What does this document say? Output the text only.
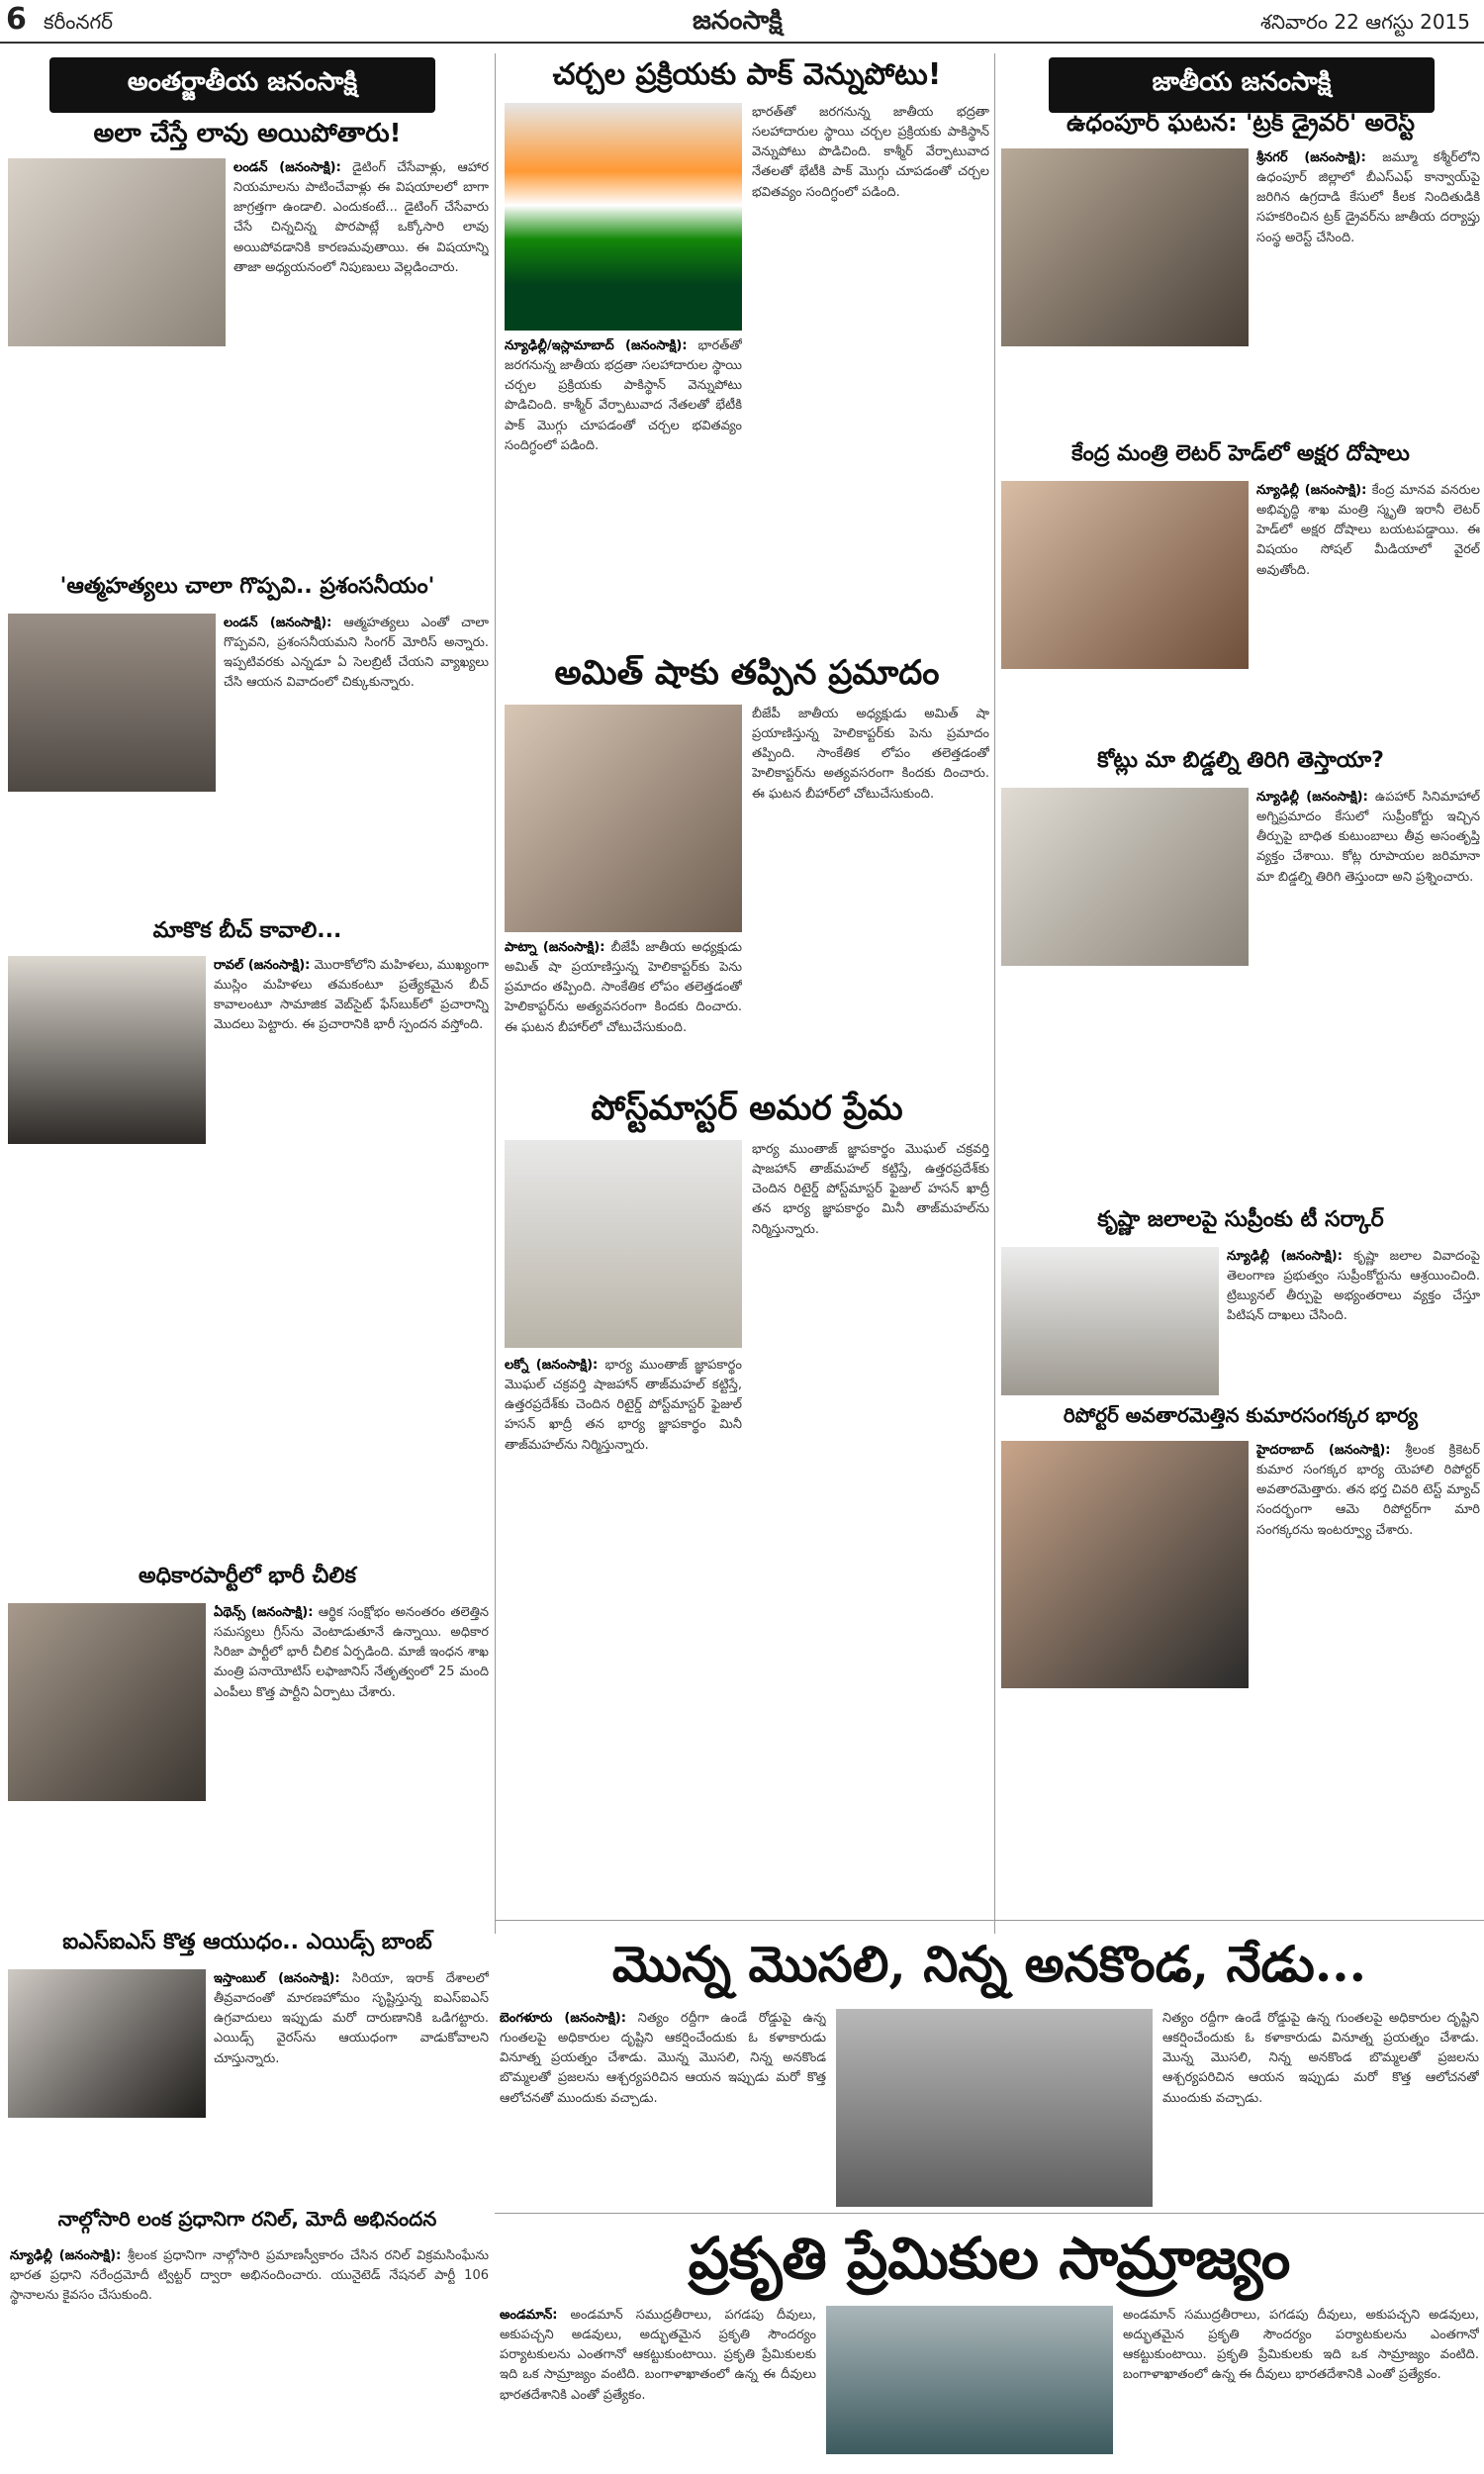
6 కరీంనగర్	జనంసాక్షి	శనివారం 22 ఆగస్టు 2015
అంతర్జాతీయ జనంసాక్షి
అలా చేస్తే లావు అయిపోతారు!
లండన్ (జనంసాక్షి): డైటింగ్ చేసేవాళ్లు, ఆహార నియమాలను పాటించేవాళ్లు ఈ విషయాలలో బాగా జాగ్రత్తగా ఉండాలి. ఎందుకంటే... డైటింగ్ చేసేవారు చేసే చిన్నచిన్న పొరపాట్లే ఒక్కోసారి లావు అయిపోవడానికి కారణమవుతాయి. ఈ విషయాన్ని తాజా అధ్యయనంలో నిపుణులు వెల్లడించారు.
'ఆత్మహత్యలు చాలా గొప్పవి.. ప్రశంసనీయం'
లండన్ (జనంసాక్షి): ఆత్మహత్యలు ఎంతో చాలా గొప్పవని, ప్రశంసనీయమని సింగర్ మోరిస్ అన్నారు. ఇప్పటివరకు ఎన్నడూ ఏ సెలబ్రిటీ చేయని వ్యాఖ్యలు చేసి ఆయన వివాదంలో చిక్కుకున్నారు.
మాకొక బీచ్ కావాలి...
రావల్ (జనంసాక్షి): మొరాకోలోని మహిళలు, ముఖ్యంగా ముస్లిం మహిళలు తమకంటూ ప్రత్యేకమైన బీచ్ కావాలంటూ సామాజిక వెబ్‌సైట్ ఫేస్‌బుక్‌లో ప్రచారాన్ని మొదలు పెట్టారు. ఈ ప్రచారానికి భారీ స్పందన వస్తోంది.
అధికారపార్టీలో భారీ చీలిక
ఏథెన్స్ (జనంసాక్షి): ఆర్థిక సంక్షోభం అనంతరం తలెత్తిన సమస్యలు గ్రీస్‌ను వెంటాడుతూనే ఉన్నాయి. అధికార సిరిజా పార్టీలో భారీ చీలిక ఏర్పడింది. మాజీ ఇంధన శాఖ మంత్రి పనాయోటిస్ లఫాజానిస్ నేతృత్వంలో 25 మంది ఎంపీలు కొత్త పార్టీని ఏర్పాటు చేశారు.
ఐఎస్ఐఎస్ కొత్త ఆయుధం.. ఎయిడ్స్ బాంబ్
ఇస్తాంబుల్ (జనంసాక్షి): సిరియా, ఇరాక్ దేశాలలో తీవ్రవాదంతో మారణహోమం సృష్టిస్తున్న ఐఎస్ఐఎస్ ఉగ్రవాదులు ఇప్పుడు మరో దారుణానికి ఒడిగట్టారు. ఎయిడ్స్ వైరస్‌ను ఆయుధంగా వాడుకోవాలని చూస్తున్నారు.
నాల్గోసారి లంక ప్రధానిగా రనిల్, మోదీ అభినందన
న్యూఢిల్లీ (జనంసాక్షి): శ్రీలంక ప్రధానిగా నాల్గోసారి ప్రమాణస్వీకారం చేసిన రనిల్ విక్రమసింఘేను భారత ప్రధాని నరేంద్రమోదీ ట్విట్టర్ ద్వారా అభినందించారు. యునైటెడ్ నేషనల్ పార్టీ 106 స్థానాలను కైవసం చేసుకుంది.
చర్చల ప్రక్రియకు పాక్ వెన్నుపోటు!
న్యూఢిల్లీ/ఇస్లామాబాద్ (జనంసాక్షి): భారత్‌తో జరగనున్న జాతీయ భద్రతా సలహాదారుల స్థాయి చర్చల ప్రక్రియకు పాకిస్థాన్ వెన్నుపోటు పొడిచింది. కాశ్మీర్ వేర్పాటువాద నేతలతో భేటీకి పాక్ మొగ్గు చూపడంతో చర్చల భవితవ్యం సందిగ్ధంలో పడింది.
భారత్‌తో జరగనున్న జాతీయ భద్రతా సలహాదారుల స్థాయి చర్చల ప్రక్రియకు పాకిస్థాన్ వెన్నుపోటు పొడిచింది. కాశ్మీర్ వేర్పాటువాద నేతలతో భేటీకి పాక్ మొగ్గు చూపడంతో చర్చల భవితవ్యం సందిగ్ధంలో పడింది.
అమిత్ షాకు తప్పిన ప్రమాదం
పాట్నా (జనంసాక్షి): బీజేపీ జాతీయ అధ్యక్షుడు అమిత్ షా ప్రయాణిస్తున్న హెలికాప్టర్‌కు పెను ప్రమాదం తప్పింది. సాంకేతిక లోపం తలెత్తడంతో హెలికాప్టర్‌ను అత్యవసరంగా కిందకు దించారు. ఈ ఘటన బీహార్‌లో చోటుచేసుకుంది.
బీజేపీ జాతీయ అధ్యక్షుడు అమిత్ షా ప్రయాణిస్తున్న హెలికాప్టర్‌కు పెను ప్రమాదం తప్పింది. సాంకేతిక లోపం తలెత్తడంతో హెలికాప్టర్‌ను అత్యవసరంగా కిందకు దించారు. ఈ ఘటన బీహార్‌లో చోటుచేసుకుంది.
పోస్ట్‌మాస్టర్ అమర ప్రేమ
లక్నో (జనంసాక్షి): భార్య ముంతాజ్ జ్ఞాపకార్థం మొఘల్ చక్రవర్తి షాజహాన్ తాజ్‌మహల్ కట్టిస్తే, ఉత్తరప్రదేశ్‌కు చెందిన రిటైర్డ్ పోస్ట్‌మాస్టర్ ఫైజుల్ హసన్ ఖాద్రీ తన భార్య జ్ఞాపకార్థం మినీ తాజ్‌మహల్‌ను నిర్మిస్తున్నారు.
భార్య ముంతాజ్ జ్ఞాపకార్థం మొఘల్ చక్రవర్తి షాజహాన్ తాజ్‌మహల్ కట్టిస్తే, ఉత్తరప్రదేశ్‌కు చెందిన రిటైర్డ్ పోస్ట్‌మాస్టర్ ఫైజుల్ హసన్ ఖాద్రీ తన భార్య జ్ఞాపకార్థం మినీ తాజ్‌మహల్‌ను నిర్మిస్తున్నారు.
జాతీయ జనంసాక్షి
ఉధంపూర్ ఘటన: 'ట్రక్ డ్రైవర్' అరెస్ట్
శ్రీనగర్ (జనంసాక్షి): జమ్మూ కశ్మీర్‌లోని ఉధంపూర్ జిల్లాలో బీఎస్ఎఫ్ కాన్వాయ్‌పై జరిగిన ఉగ్రదాడి కేసులో కీలక నిందితుడికి సహకరించిన ట్రక్ డ్రైవర్‌ను జాతీయ దర్యాప్తు సంస్థ అరెస్ట్ చేసింది.
కేంద్ర మంత్రి లెటర్ హెడ్‌లో అక్షర దోషాలు
న్యూఢిల్లీ (జనంసాక్షి): కేంద్ర మానవ వనరుల అభివృద్ధి శాఖ మంత్రి స్మృతి ఇరానీ లెటర్ హెడ్‌లో అక్షర దోషాలు బయటపడ్డాయి. ఈ విషయం సోషల్ మీడియాలో వైరల్ అవుతోంది.
కోట్లు మా బిడ్డల్ని తిరిగి తెస్తాయా?
న్యూఢిల్లీ (జనంసాక్షి): ఉపహార్ సినిమాహాల్ అగ్నిప్రమాదం కేసులో సుప్రీంకోర్టు ఇచ్చిన తీర్పుపై బాధిత కుటుంబాలు తీవ్ర అసంతృప్తి వ్యక్తం చేశాయి. కోట్ల రూపాయల జరిమానా మా బిడ్డల్ని తిరిగి తెస్తుందా అని ప్రశ్నించారు.
కృష్ణా జలాలపై సుప్రీంకు టీ సర్కార్
న్యూఢిల్లీ (జనంసాక్షి): కృష్ణా జలాల వివాదంపై తెలంగాణ ప్రభుత్వం సుప్రీంకోర్టును ఆశ్రయించింది. ట్రిబ్యునల్ తీర్పుపై అభ్యంతరాలు వ్యక్తం చేస్తూ పిటిషన్ దాఖలు చేసింది.
రిపోర్టర్ అవతారమెత్తిన కుమారసంగక్కర భార్య
హైదరాబాద్ (జనంసాక్షి): శ్రీలంక క్రికెటర్ కుమార సంగక్కర భార్య యెహాలి రిపోర్టర్ అవతారమెత్తారు. తన భర్త చివరి టెస్ట్ మ్యాచ్ సందర్భంగా ఆమె రిపోర్టర్‌గా మారి సంగక్కరను ఇంటర్వ్యూ చేశారు.
మొన్న మొసలి, నిన్న అనకొండ, నేడు...
బెంగళూరు (జనంసాక్షి): నిత్యం రద్దీగా ఉండే రోడ్డుపై ఉన్న గుంతలపై అధికారుల దృష్టిని ఆకర్షించేందుకు ఓ కళాకారుడు వినూత్న ప్రయత్నం చేశాడు. మొన్న మొసలి, నిన్న అనకొండ బొమ్మలతో ప్రజలను ఆశ్చర్యపరిచిన ఆయన ఇప్పుడు మరో కొత్త ఆలోచనతో ముందుకు వచ్చాడు.
నిత్యం రద్దీగా ఉండే రోడ్డుపై ఉన్న గుంతలపై అధికారుల దృష్టిని ఆకర్షించేందుకు ఓ కళాకారుడు వినూత్న ప్రయత్నం చేశాడు. మొన్న మొసలి, నిన్న అనకొండ బొమ్మలతో ప్రజలను ఆశ్చర్యపరిచిన ఆయన ఇప్పుడు మరో కొత్త ఆలోచనతో ముందుకు వచ్చాడు.
ప్రకృతి ప్రేమికుల సామ్రాజ్యం
అండమాన్: అండమాన్ సముద్రతీరాలు, పగడపు దీవులు, అకుపచ్చని అడవులు, అద్భుతమైన ప్రకృతి సౌందర్యం పర్యాటకులను ఎంతగానో ఆకట్టుకుంటాయి. ప్రకృతి ప్రేమికులకు ఇది ఒక సామ్రాజ్యం వంటిది. బంగాళాఖాతంలో ఉన్న ఈ దీవులు భారతదేశానికి ఎంతో ప్రత్యేకం.
అండమాన్ సముద్రతీరాలు, పగడపు దీవులు, అకుపచ్చని అడవులు, అద్భుతమైన ప్రకృతి సౌందర్యం పర్యాటకులను ఎంతగానో ఆకట్టుకుంటాయి. ప్రకృతి ప్రేమికులకు ఇది ఒక సామ్రాజ్యం వంటిది. బంగాళాఖాతంలో ఉన్న ఈ దీవులు భారతదేశానికి ఎంతో ప్రత్యేకం.
